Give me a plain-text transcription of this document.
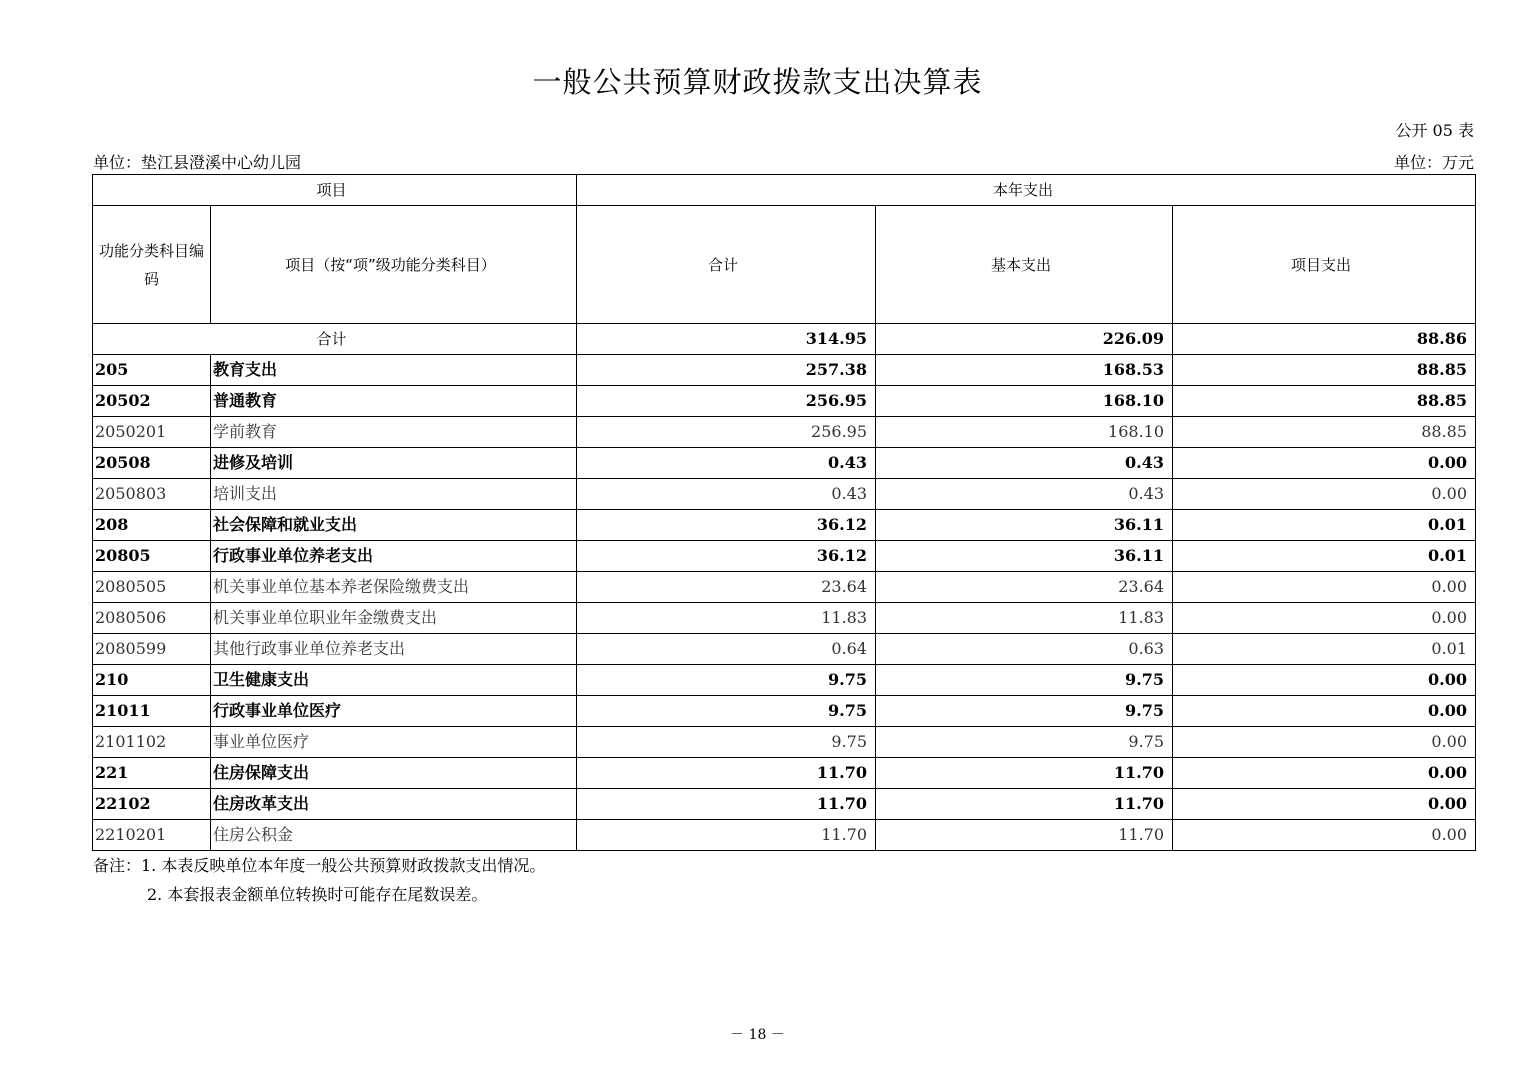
一般公共预算财政拨款支出决算表
公开 05 表
单位：垫江县澄溪中心幼儿园	单位：万元
项目		本年支出		
功能分类科目编码	项目（按“项”级功能分类科目）	合计	基本支出	项目支出
合计		314.95	226.09	88.86
205	教育支出	257.38	168.53	88.85
20502	普通教育	256.95	168.10	88.85
2050201	学前教育	256.95	168.10	88.85
20508	进修及培训	0.43	0.43	0.00
2050803	培训支出	0.43	0.43	0.00
208	社会保障和就业支出	36.12	36.11	0.01
20805	行政事业单位养老支出	36.12	36.11	0.01
2080505	机关事业单位基本养老保险缴费支出	23.64	23.64	0.00
2080506	机关事业单位职业年金缴费支出	11.83	11.83	0.00
2080599	其他行政事业单位养老支出	0.64	0.63	0.01
210	卫生健康支出	9.75	9.75	0.00
21011	行政事业单位医疗	9.75	9.75	0.00
2101102	事业单位医疗	9.75	9.75	0.00
221	住房保障支出	11.70	11.70	0.00
22102	住房改革支出	11.70	11.70	0.00
2210201	住房公积金	11.70	11.70	0.00
备注：1. 本表反映单位本年度一般公共预算财政拨款支出情况。
2. 本套报表金额单位转换时可能存在尾数误差。
－ 18 －
